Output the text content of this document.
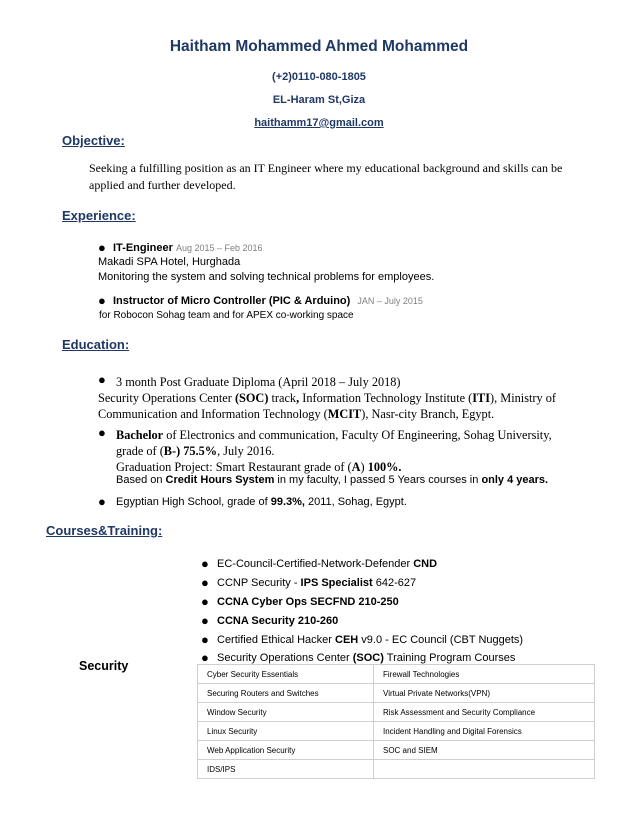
Haitham Mohammed Ahmed Mohammed
(+2)0110-080-1805
EL-Haram St,Giza
haithamm17@gmail.com
Objective:
Seeking a fulfilling position as an IT Engineer where my educational background and skills can be applied and further developed.
Experience:
● IT-Engineer Aug 2015 – Feb 2016
Makadi SPA Hotel, Hurghada
Monitoring the system and solving technical problems for employees.
● Instructor of Micro Controller (PIC & Arduino) JAN – July 2015
for Robocon Sohag team and for APEX co-working space
Education:
● 3 month Post Graduate Diploma (April 2018 – July 2018)
Security Operations Center (SOC) track, Information Technology Institute (ITI), Ministry of
Communication and Information Technology (MCIT), Nasr-city Branch, Egypt.
● Bachelor of Electronics and communication, Faculty Of Engineering, Sohag University,
grade of (B-) 75.5%, July 2016.
Graduation Project: Smart Restaurant grade of (A) 100%.
Based on Credit Hours System in my faculty, I passed 5 Years courses in only 4 years.
● Egyptian High School, grade of 99.3%, 2011, Sohag, Egypt.
Courses&Training:
Security
● EC-Council-Certified-Network-Defender CND
● CCNP Security - IPS Specialist 642-627
● CCNA Cyber Ops SECFND 210-250
● CCNA Security 210-260
● Certified Ethical Hacker CEH v9.0 - EC Council (CBT Nuggets)
● Security Operations Center (SOC) Training Program Courses
Cyber Security Essentials	Firewall Technologies
Securing Routers and Switches	Virtual Private Networks(VPN)
Window Security	Risk Assessment and Security Compliance
Linux Security	Incident Handling and Digital Forensics
Web Application Security	SOC and SIEM
IDS/IPS	
